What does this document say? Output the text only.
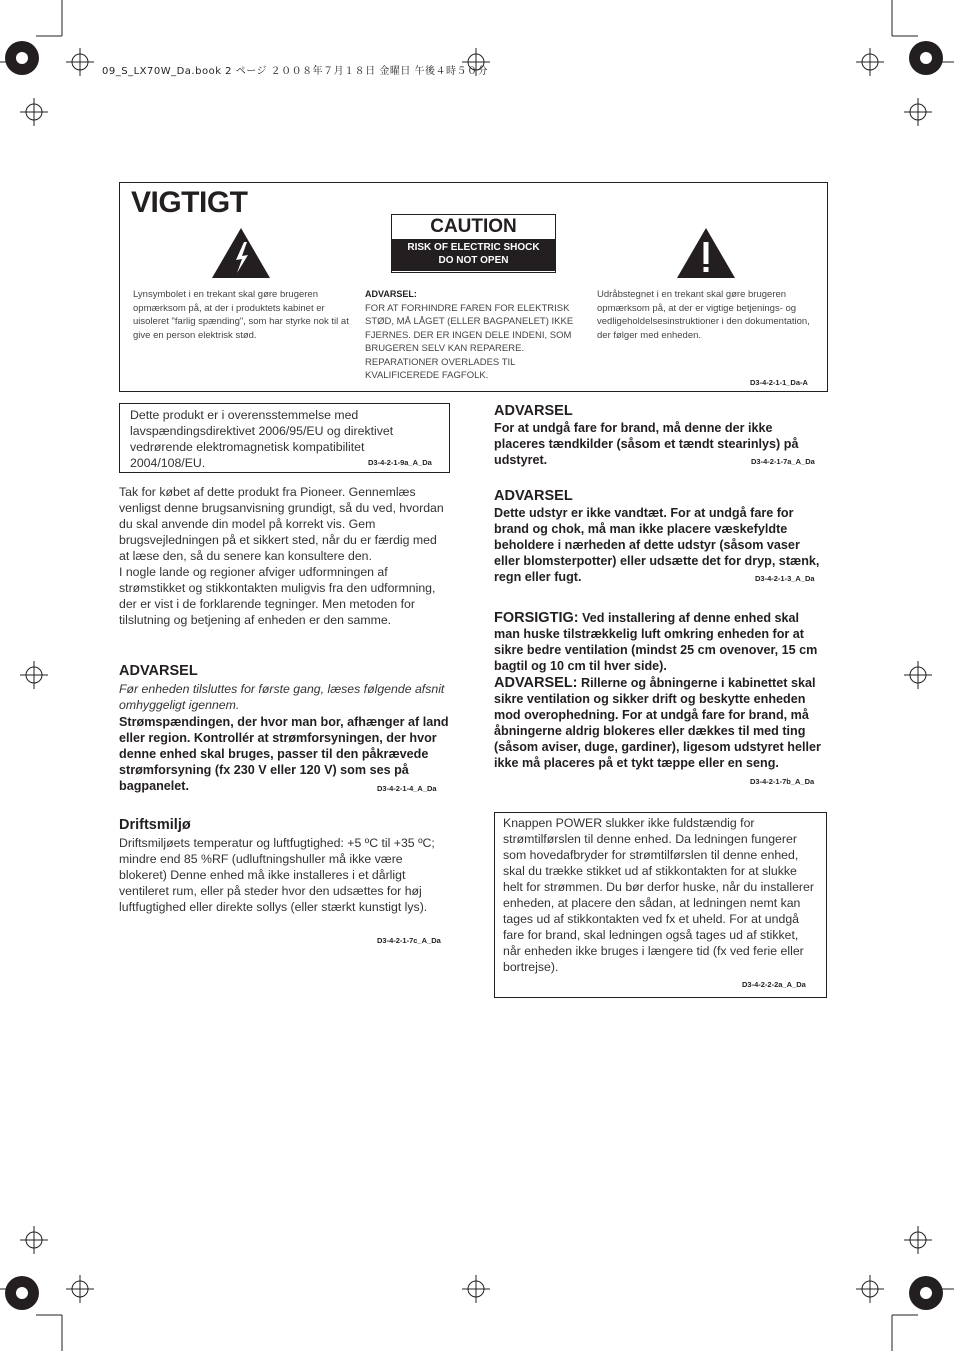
09_S_LX70W_Da.book 2 ページ ２００８年７月１８日 金曜日 午後４時５０分
VIGTIGT
CAUTION
RISK OF ELECTRIC SHOCK
DO NOT OPEN
Lynsymbolet i en trekant skal gøre brugeren opmærksom på, at der i produktets kabinet er uisoleret "farlig spænding", som har styrke nok til at give en person elektrisk stød.
ADVARSEL:
FOR AT FORHINDRE FAREN FOR ELEKTRISK STØD, MÅ LÅGET (ELLER BAGPANELET) IKKE FJERNES. DER ER INGEN DELE INDENI, SOM BRUGEREN SELV KAN REPARERE. REPARATIONER OVERLADES TIL KVALIFICEREDE FAGFOLK.
Udråbstegnet i en trekant skal gøre brugeren opmærksom på, at der er vigtige betjenings- og vedligeholdelsesinstruktioner i den dokumentation, der følger med enheden.
D3-4-2-1-1_Da-A
Dette produkt er i overensstemmelse med lavspændingsdirektivet 2006/95/EU og direktivet vedrørende elektromagnetisk kompatibilitet 2004/108/EU.	D3-4-2-1-9a_A_Da
Tak for købet af dette produkt fra Pioneer. Gennemlæs venligst denne brugsanvisning grundigt, så du ved, hvordan du skal anvende din model på korrekt vis. Gem brugsvejledningen på et sikkert sted, når du er færdig med at læse den, så du senere kan konsultere den.
I nogle lande og regioner afviger udformningen af strømstikket og stikkontakten muligvis fra den udformning, der er vist i de forklarende tegninger. Men metoden for tilslutning og betjening af enheden er den samme.
ADVARSEL
Før enheden tilsluttes for første gang, læses følgende afsnit omhyggeligt igennem.
Strømspændingen, der hvor man bor, afhænger af land eller region. Kontrollér at strømforsyningen, der hvor denne enhed skal bruges, passer til den påkrævede strømforsyning (fx 230 V eller 120 V) som ses på bagpanelet.	D3-4-2-1-4_A_Da
Driftsmiljø
Driftsmiljøets temperatur og luftfugtighed: +5 ºC til +35 ºC; mindre end 85 %RF (udluftningshuller må ikke være blokeret) Denne enhed må ikke installeres i et dårligt ventileret rum, eller på steder hvor den udsættes for høj luftfugtighed eller direkte sollys (eller stærkt kunstigt lys).
D3-4-2-1-7c_A_Da
ADVARSEL
For at undgå fare for brand, må denne der ikke placeres tændkilder (såsom et tændt stearinlys) på udstyret.	D3-4-2-1-7a_A_Da
ADVARSEL
Dette udstyr er ikke vandtæt. For at undgå fare for brand og chok, må man ikke placere væskefyldte beholdere i nærheden af dette udstyr (såsom vaser eller blomsterpotter) eller udsætte det for dryp, stænk, regn eller fugt.	D3-4-2-1-3_A_Da
FORSIGTIG: Ved installering af denne enhed skal man huske tilstrækkelig luft omkring enheden for at sikre bedre ventilation (mindst 25 cm ovenover, 15 cm bagtil og 10 cm til hver side).
ADVARSEL: Rillerne og åbningerne i kabinettet skal sikre ventilation og sikker drift og beskytte enheden mod overophedning. For at undgå fare for brand, må åbningerne aldrig blokeres eller dækkes til med ting (såsom aviser, duge, gardiner), ligesom udstyret heller ikke må placeres på et tykt tæppe eller en seng.
D3-4-2-1-7b_A_Da
Knappen POWER slukker ikke fuldstændig for strømtilførslen til denne enhed. Da ledningen fungerer som hovedafbryder for strømtilførslen til denne enhed, skal du trække stikket ud af stikkontakten for at slukke helt for strømmen. Du bør derfor huske, når du installerer enheden, at placere den sådan, at ledningen nemt kan tages ud af stikkontakten ved fx et uheld. For at undgå fare for brand, skal ledningen også tages ud af stikket, når enheden ikke bruges i længere tid (fx ved ferie eller bortrejse).
D3-4-2-2-2a_A_Da
